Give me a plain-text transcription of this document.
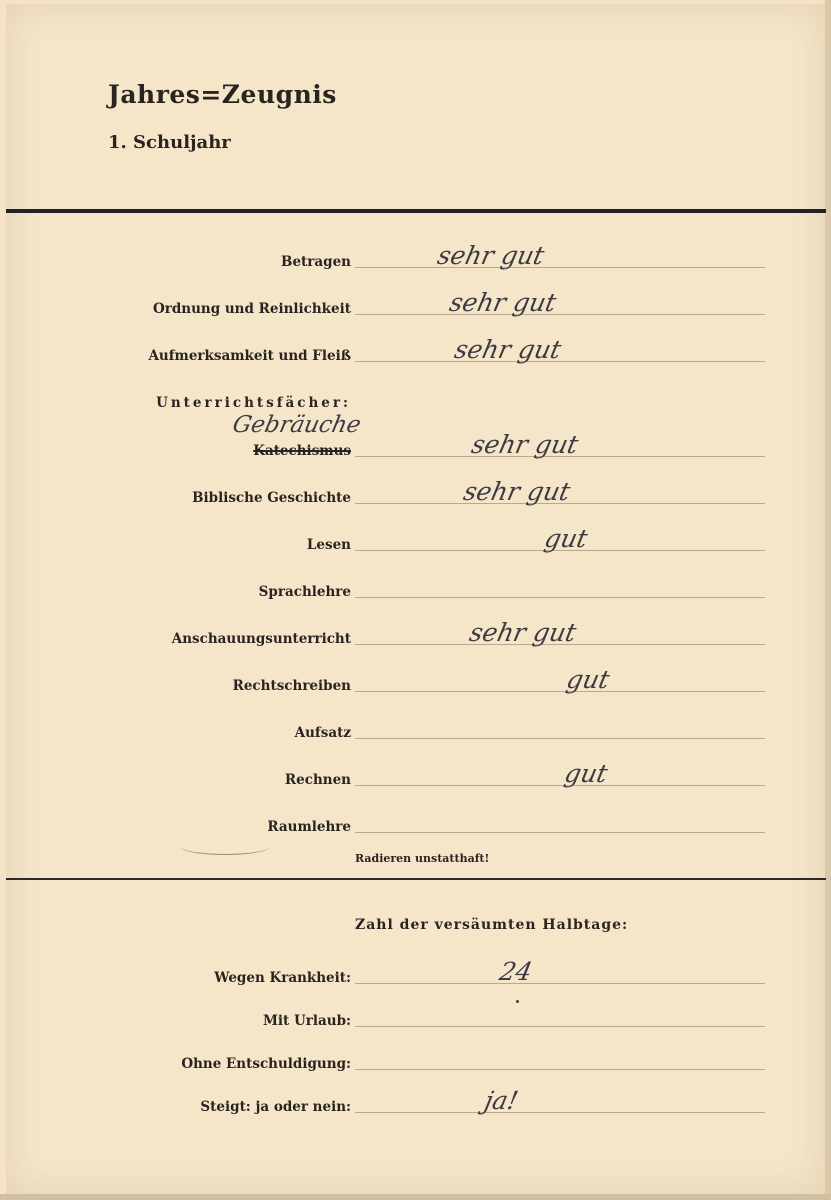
Jahres=Zeugnis
1. Schuljahr
Betragen	sehr gut
Ordnung und Reinlichkeit	sehr gut
Aufmerksamkeit und Fleiß	sehr gut
Unterrichtsfächer:
Gebräuche
Katechismus	sehr gut
Biblische Geschichte	sehr gut
Lesen	gut
Sprachlehre
Anschauungsunterricht	sehr gut
Rechtschreiben	gut
Aufsatz
Rechnen	gut
Raumlehre
Radieren unstatthaft!
Zahl der versäumten Halbtage:
Wegen Krankheit:	24
Mit Urlaub:
Ohne Entschuldigung:
Steigt: ja oder nein:	ja!
